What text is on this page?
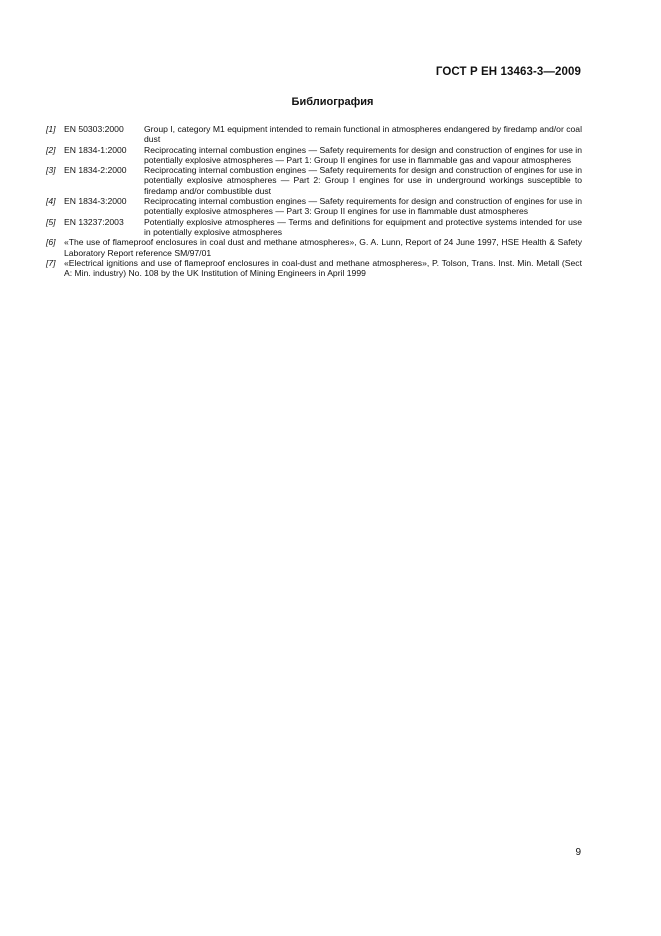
ГОСТ Р ЕН 13463-3—2009
Библиография
[1] EN 50303:2000	Group I, category M1 equipment intended to remain functional in atmospheres endangered by firedamp and/or coal dust
[2] EN 1834-1:2000	Reciprocating internal combustion engines — Safety requirements for design and construction of engines for use in potentially explosive atmospheres — Part 1: Group II engines for use in flammable gas and vapour atmospheres
[3] EN 1834-2:2000	Reciprocating internal combustion engines — Safety requirements for design and construction of engines for use in potentially explosive atmospheres — Part 2: Group I engines for use in underground workings susceptible to firedamp and/or combustible dust
[4] EN 1834-3:2000	Reciprocating internal combustion engines — Safety requirements for design and construction of engines for use in potentially explosive atmospheres — Part 3: Group II engines for use in flammable dust atmospheres
[5] EN 13237:2003	Potentially explosive atmospheres — Terms and definitions for equipment and protective systems intended for use in potentially explosive atmospheres
[6] «The use of flameproof enclosures in coal dust and methane atmospheres», G. A. Lunn, Report of 24 June 1997, HSE Health & Safety Laboratory Report reference SM/97/01
[7] «Electrical ignitions and use of flameproof enclosures in coal-dust and methane atmospheres», P. Tolson, Trans. Inst. Min. Metall (Sect A: Min. industry) No. 108 by the UK Institution of Mining Engineers in April 1999
9
